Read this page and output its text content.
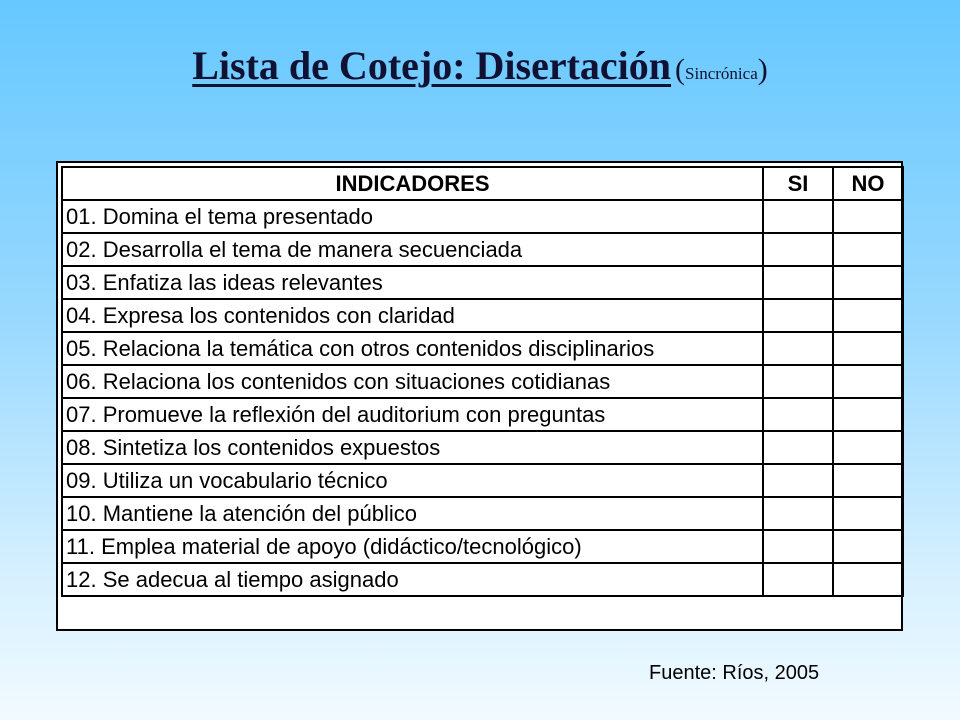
Lista de Cotejo: Disertación (Sincrónica)
INDICADORES	SI	NO
01. Domina el tema presentado		
02. Desarrolla el tema de manera secuenciada		
03. Enfatiza las ideas relevantes		
04. Expresa los contenidos con claridad		
05. Relaciona la temática con otros contenidos disciplinarios		
06. Relaciona los contenidos con situaciones cotidianas		
07. Promueve la reflexión del auditorium con preguntas		
08. Sintetiza los contenidos expuestos		
09. Utiliza un vocabulario técnico		
10. Mantiene la atención del público		
11. Emplea material de apoyo (didáctico/tecnológico)		
12. Se adecua al tiempo asignado		
Fuente: Ríos, 2005
